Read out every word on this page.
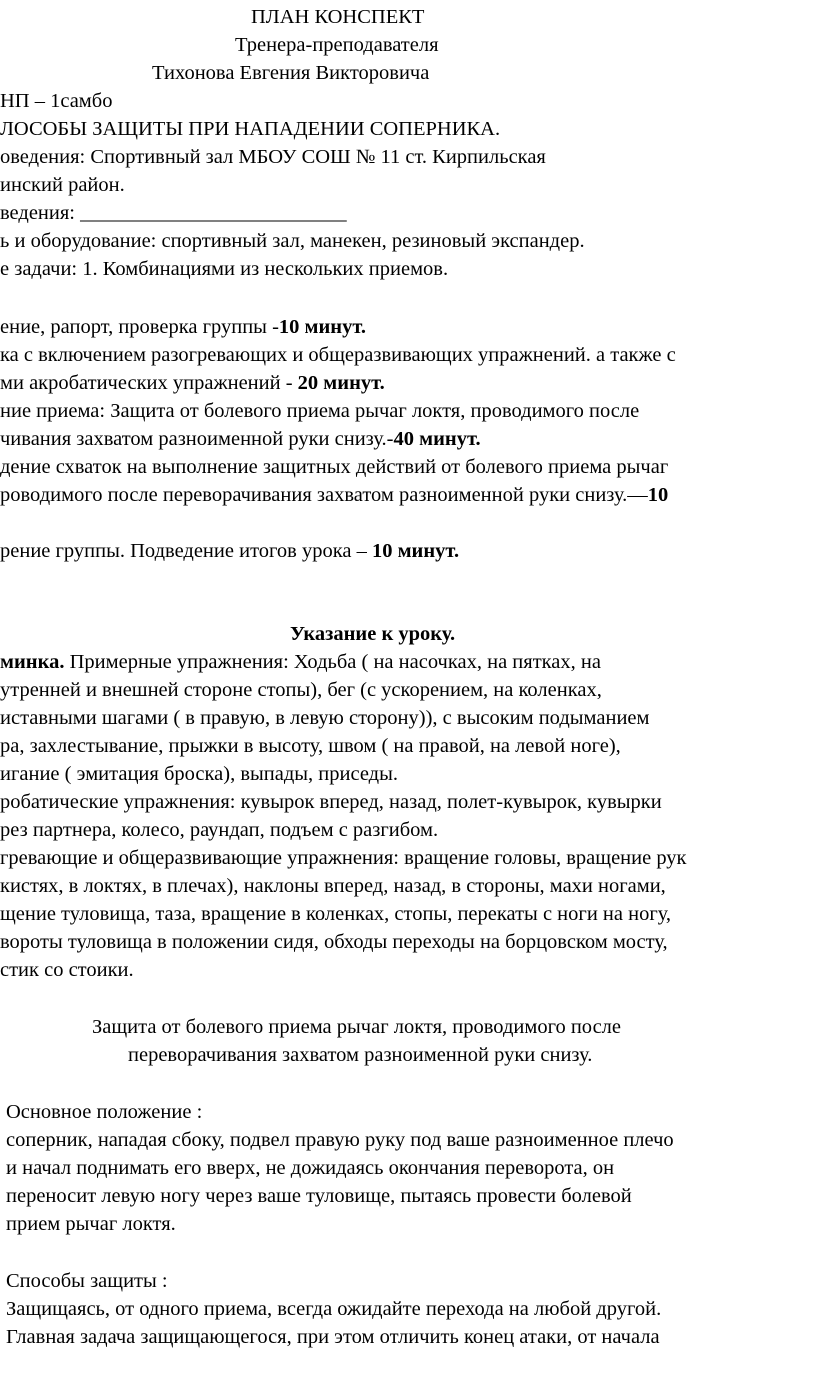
ПЛАН КОНСПЕКТ
Тренера-преподавателя
Тихонова Евгения Викторовича
НП – 1самбо
ЛОСОБЫ ЗАЩИТЫ ПРИ НАПАДЕНИИ СОПЕРНИКА.
оведения: Спортивный зал МБОУ СОШ № 11 ст. Кирпильская
инский район.
ведения: __________________________
ь и оборудование: спортивный зал, манекен, резиновый экспандер.
е задачи: 1. Комбинациями из нескольких приемов.
ение, рапорт, проверка группы -10 минут.
ка с включением разогревающих и общеразвивающих упражнений. а также с
ми акробатических упражнений - 20 минут.
ние приема: Защита от болевого приема рычаг локтя, проводимого после
чивания захватом разноименной руки снизу.-40 минут.
дение схваток на выполнение защитных действий от болевого приема рычаг
роводимого после переворачивания захватом разноименной руки снизу.—10
рение группы. Подведение итогов урока – 10 минут.
Указание к уроку.
минка. Примерные упражнения: Ходьба ( на насочках, на пятках, на
утренней и внешней стороне стопы), бег (с ускорением, на коленках,
иставными шагами ( в правую, в левую сторону)), с высоким подыманием
ра, захлестывание, прыжки в высоту, швом ( на правой, на левой ноге),
игание ( эмитация броска), выпады, приседы.
робатические упражнения: кувырок вперед, назад, полет-кувырок, кувырки
рез партнера, колесо, раундап, подъем с разгибом.
гревающие и общеразвивающие упражнения: вращение головы, вращение рук
кистях, в локтях, в плечах), наклоны вперед, назад, в стороны, махи ногами,
щение туловища, таза, вращение в коленках, стопы, перекаты с ноги на ногу,
вороты туловища в положении сидя, обходы переходы на борцовском мосту,
стик со стоики.
Защита от болевого приема рычаг локтя, проводимого после
переворачивания захватом разноименной руки снизу.
Основное положение :
соперник, нападая сбоку, подвел правую руку под ваше разноименное плечо
и начал поднимать его вверх, не дожидаясь окончания переворота, он
переносит левую ногу через ваше туловище, пытаясь провести болевой
прием рычаг локтя.
Способы защиты :
Защищаясь, от одного приема, всегда ожидайте перехода на любой другой.
Главная задача защищающегося, при этом отличить конец атаки, от начала
